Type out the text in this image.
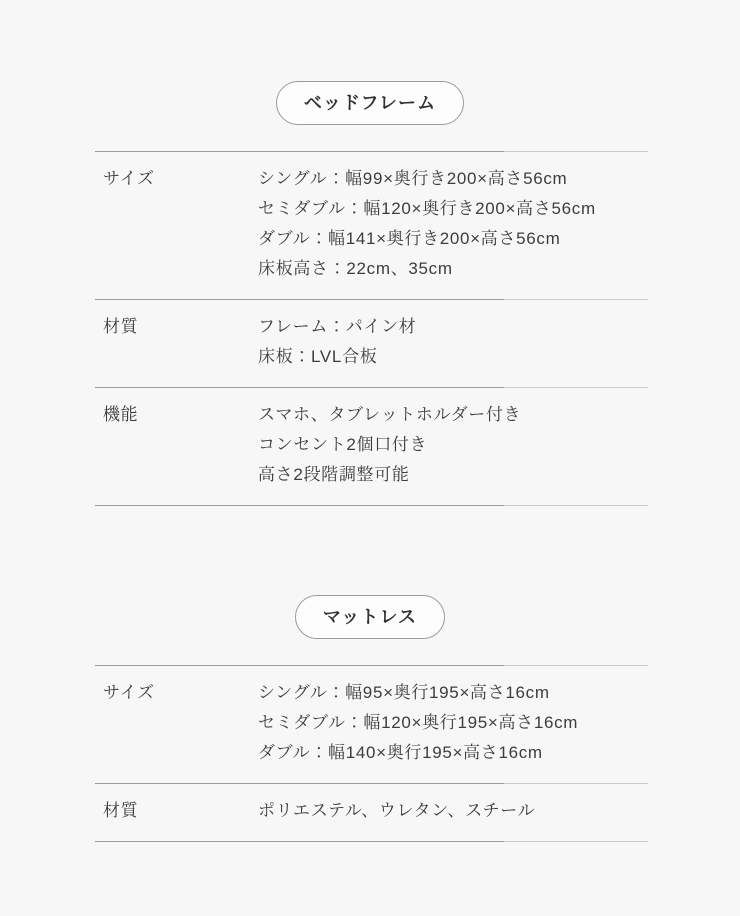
ベッドフレーム
サイズ	シングル：幅99×奥行き200×高さ56cm
セミダブル：幅120×奥行き200×高さ56cm
ダブル：幅141×奥行き200×高さ56cm
床板高さ：22cm、35cm
材質	フレーム：パイン材
床板：LVL合板
機能	スマホ、タブレットホルダー付き
コンセント2個口付き
高さ2段階調整可能
マットレス
サイズ	シングル：幅95×奥行195×高さ16cm
セミダブル：幅120×奥行195×高さ16cm
ダブル：幅140×奥行195×高さ16cm
材質	ポリエステル、ウレタン、スチール
